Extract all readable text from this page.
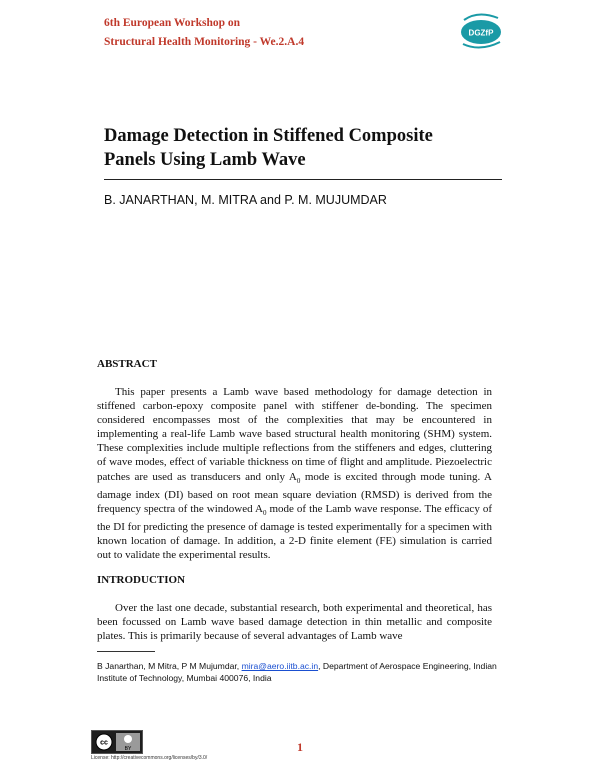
6th European Workshop on
Structural Health Monitoring - We.2.A.4
DGZfP
Damage Detection in Stiffened Composite
Panels Using Lamb Wave
B. JANARTHAN, M. MITRA and P. M. MUJUMDAR
ABSTRACT

This paper presents a Lamb wave based methodology for damage detection in stiffened carbon-epoxy composite panel with stiffener de-bonding. The specimen considered encompasses most of the complexities that may be encountered in implementing a real-life Lamb wave based structural health monitoring (SHM) system. These complexities include multiple reflections from the stiffeners and edges, cluttering of wave modes, effect of variable thickness on time of flight and amplitude. Piezoelectric patches are used as transducers and only $A_0$ mode is excited through mode tuning. A damage index (DI) based on root mean square deviation (RMSD) is derived from the frequency spectra of the windowed $A_0$ mode of the Lamb wave response. The efficacy of the DI for predicting the presence of damage is tested experimentally for a specimen with known location of damage. In addition, a 2-D finite element (FE) simulation is carried out to validate the experimental results.

INTRODUCTION

Over the last one decade, substantial research, both experimental and theoretical, has been focussed on Lamb wave based damage detection in thin metallic and composite plates. This is primarily because of several advantages of Lamb wave

B Janarthan, M Mitra, P M Mujumdar, mira@aero.iitb.ac.in, Department of Aerospace Engineering, Indian Institute of Technology, Mumbai 400076, India
cc
BY
License: http://creativecommons.org/licenses/by/3.0/
1
